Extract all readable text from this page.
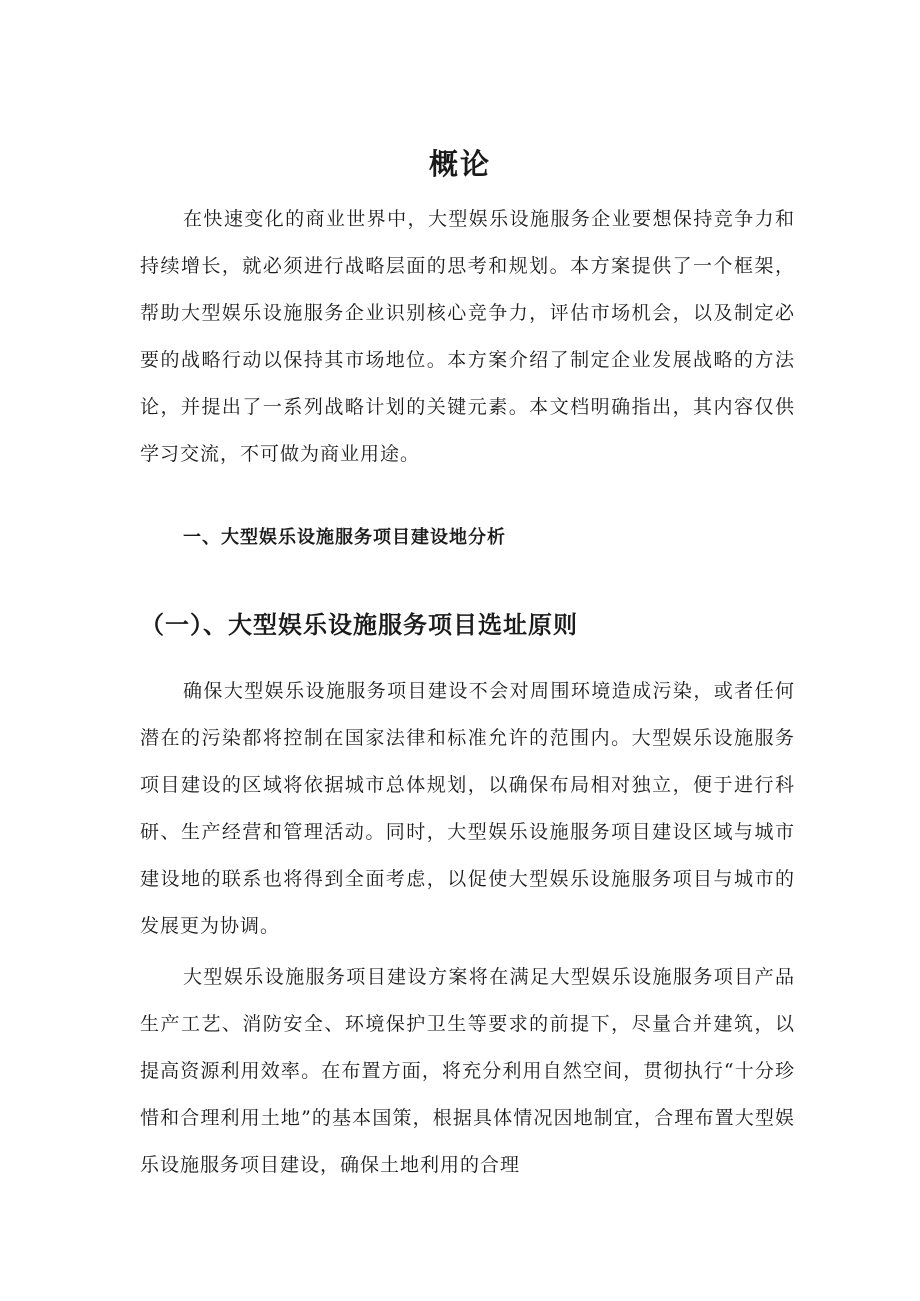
概论

在快速变化的商业世界中，大型娱乐设施服务企业要想保持竞争力和持续增长，就必须进行战略层面的思考和规划。本方案提供了一个框架，帮助大型娱乐设施服务企业识别核心竞争力，评估市场机会，以及制定必要的战略行动以保持其市场地位。本方案介绍了制定企业发展战略的方法论，并提出了一系列战略计划的关键元素。本文档明确指出，其内容仅供学习交流，不可做为商业用途。

一、大型娱乐设施服务项目建设地分析
（一）、大型娱乐设施服务项目选址原则

确保大型娱乐设施服务项目建设不会对周围环境造成污染，或者任何潜在的污染都将控制在国家法律和标准允许的范围内。大型娱乐设施服务项目建设的区域将依据城市总体规划，以确保布局相对独立，便于进行科研、生产经营和管理活动。同时，大型娱乐设施服务项目建设区域与城市建设地的联系也将得到全面考虑，以促使大型娱乐设施服务项目与城市的发展更为协调。

大型娱乐设施服务项目建设方案将在满足大型娱乐设施服务项目产品生产工艺、消防安全、环境保护卫生等要求的前提下，尽量合并建筑，以提高资源利用效率。在布置方面，将充分利用自然空间，贯彻执行“十分珍惜和合理利用土地”的基本国策，根据具体情况因地制宜，合理布置大型娱乐设施服务项目建设，确保土地利用的合理
